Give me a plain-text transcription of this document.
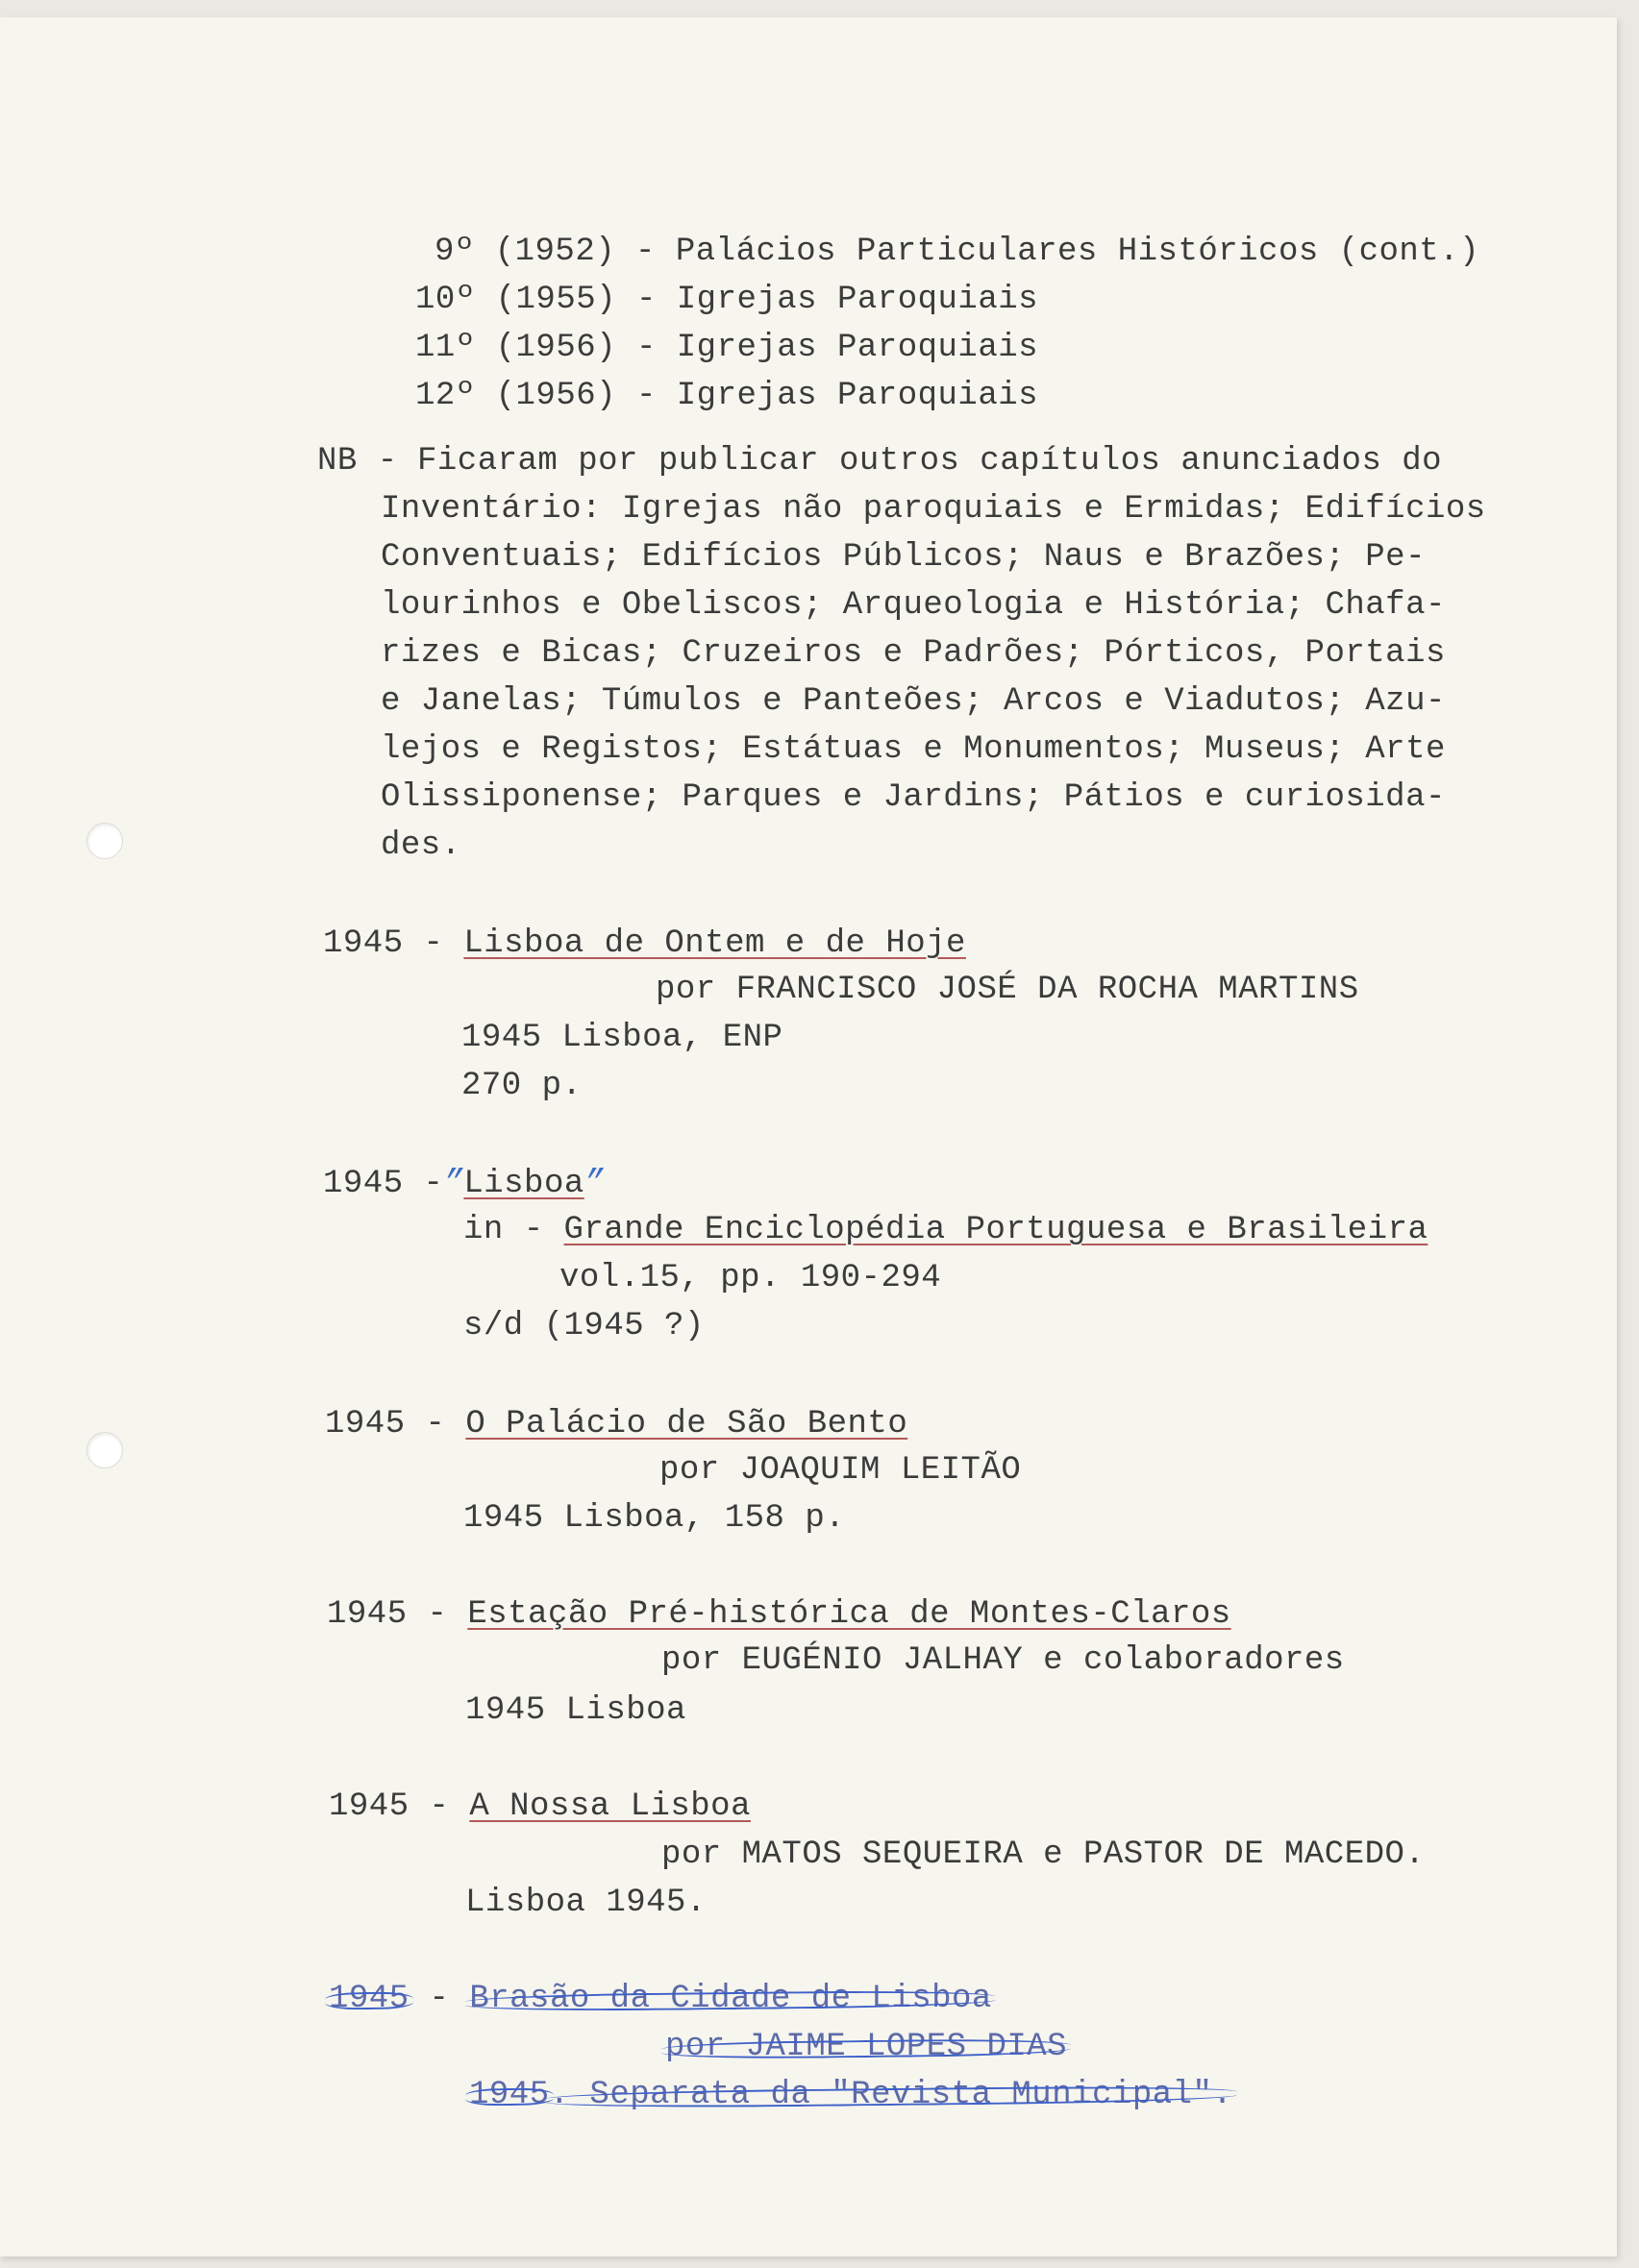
9º (1952) - Palácios Particulares Históricos (cont.)
10º (1955) - Igrejas Paroquiais
11º (1956) - Igrejas Paroquiais
12º (1956) - Igrejas Paroquiais
NB - Ficaram por publicar outros capítulos anunciados do
Inventário: Igrejas não paroquiais e Ermidas; Edifícios
Conventuais; Edifícios Públicos; Naus e Brazões; Pe-
lourinhos e Obeliscos; Arqueologia e História; Chafa-
rizes e Bicas; Cruzeiros e Padrões; Pórticos, Portais
e Janelas; Túmulos e Panteões; Arcos e Viadutos; Azu-
lejos e Registos; Estátuas e Monumentos; Museus; Arte
Olissiponense; Parques e Jardins; Pátios e curiosida-
des.
1945 - Lisboa de Ontem e de Hoje
por FRANCISCO JOSÉ DA ROCHA MARTINS
1945 Lisboa, ENP
270 p.
1945 -”Lisboa”
in - Grande Enciclopédia Portuguesa e Brasileira
vol.15, pp. 190-294
s/d (1945 ?)
1945 - O Palácio de São Bento
por JOAQUIM LEITÃO
1945 Lisboa, 158 p.
1945 - Estação Pré-histórica de Montes-Claros
por EUGÉNIO JALHAY e colaboradores
1945 Lisboa
1945 - A Nossa Lisboa
por MATOS SEQUEIRA e PASTOR DE MACEDO.
Lisboa 1945.
1945 - Brasão da Cidade de Lisboa
por JAIME LOPES DIAS
1945. Separata da "Revista Municipal".
